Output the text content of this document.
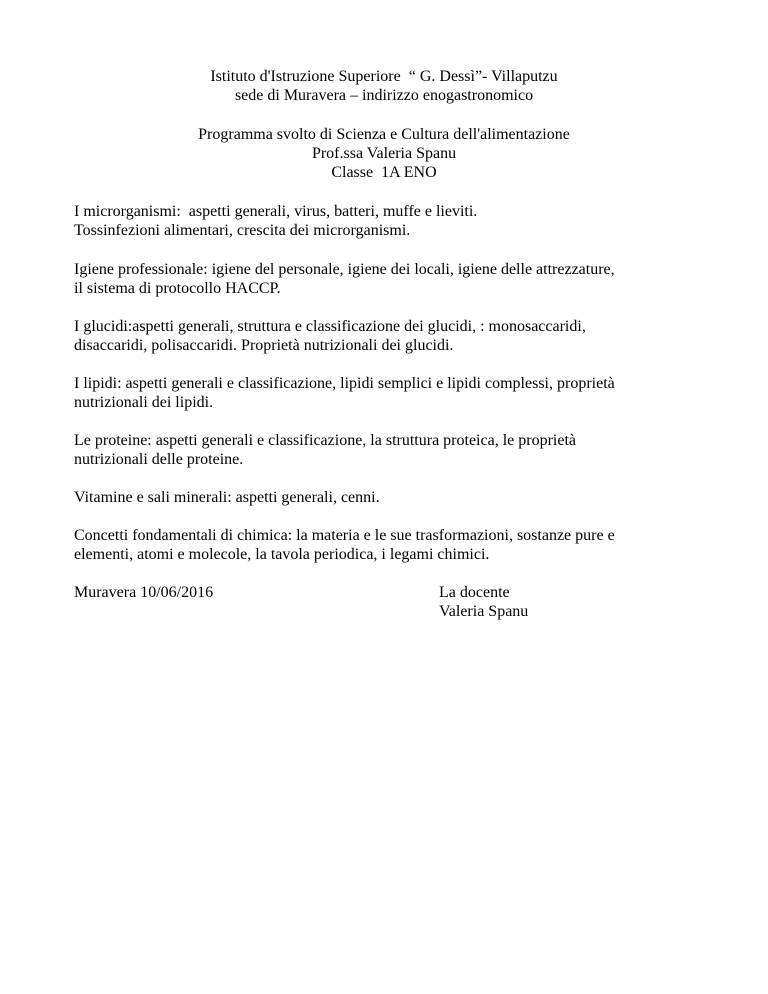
Istituto d'Istruzione Superiore  “ G. Dessì”- Villaputzu
sede di Muravera – indirizzo enogastronomico
Programma svolto di Scienza e Cultura dell'alimentazione
Prof.ssa Valeria Spanu
Classe  1A ENO
I microrganismi:  aspetti generali, virus, batteri, muffe e lieviti.
Tossinfezioni alimentari, crescita dei microrganismi.
Igiene professionale: igiene del personale, igiene dei locali, igiene delle attrezzature,
il sistema di protocollo HACCP.
I glucidi:aspetti generali, struttura e classificazione dei glucidi, : monosaccaridi,
disaccaridi, polisaccaridi. Proprietà nutrizionali dei glucidi.
I lipidi: aspetti generali e classificazione, lipidi semplici e lipidi complessi, proprietà
nutrizionali dei lipidi.
Le proteine: aspetti generali e classificazione, la struttura proteica, le proprietà
nutrizionali delle proteine.
Vitamine e sali minerali: aspetti generali, cenni.
Concetti fondamentali di chimica: la materia e le sue trasformazioni, sostanze pure e
elementi, atomi e molecole, la tavola periodica, i legami chimici.
Muravera 10/06/2016	La docente
Valeria Spanu
